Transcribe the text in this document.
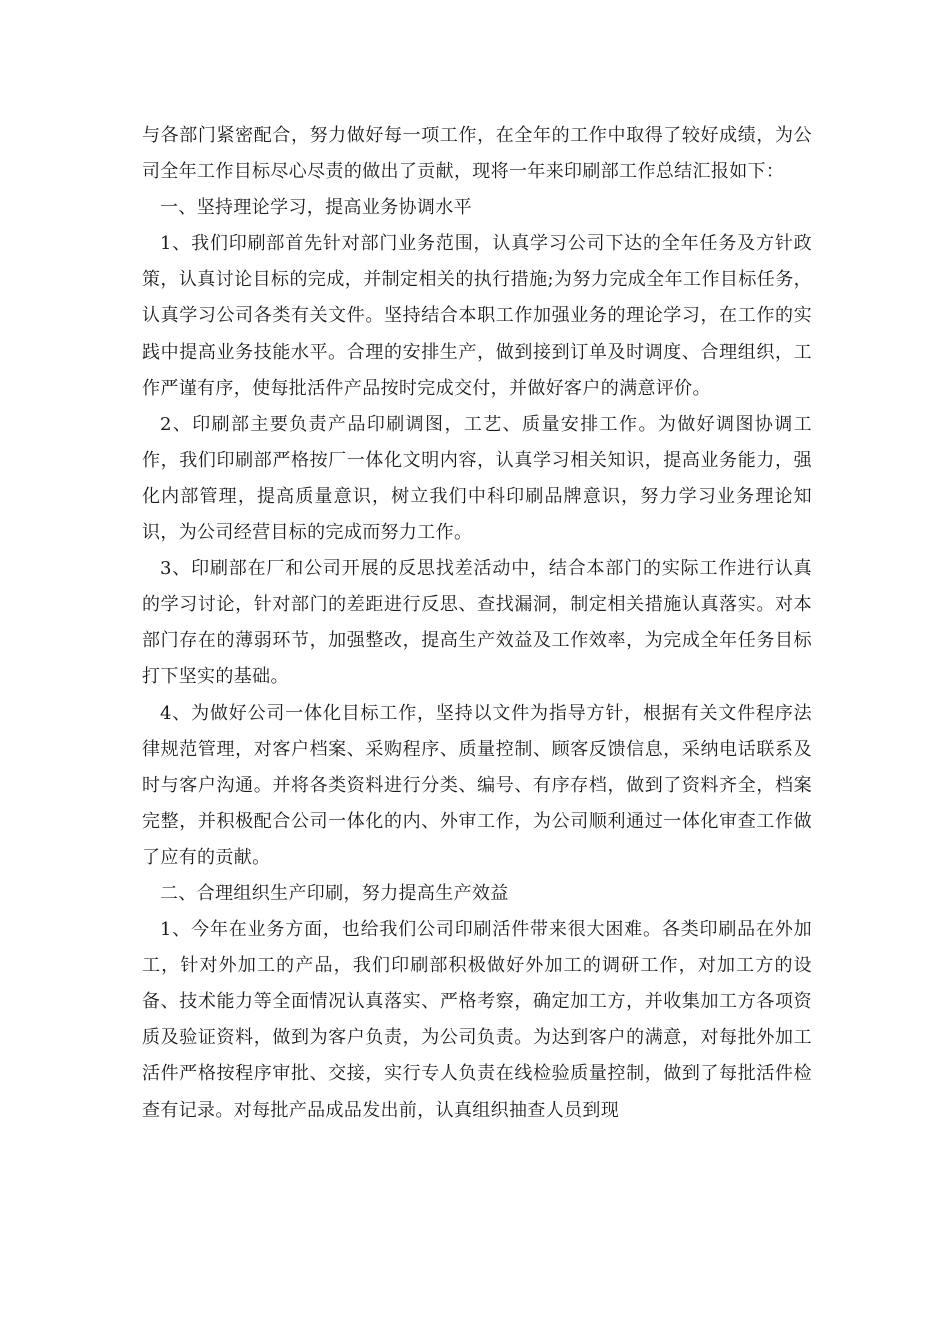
与各部门紧密配合，努力做好每一项工作，在全年的工作中取得了较好成绩，为公司全年工作目标尽心尽责的做出了贡献，现将一年来印刷部工作总结汇报如下：

一、坚持理论学习，提高业务协调水平

1、我们印刷部首先针对部门业务范围，认真学习公司下达的全年任务及方针政策，认真讨论目标的完成，并制定相关的执行措施;为努力完成全年工作目标任务，认真学习公司各类有关文件。坚持结合本职工作加强业务的理论学习，在工作的实践中提高业务技能水平。合理的安排生产，做到接到订单及时调度、合理组织，工作严谨有序，使每批活件产品按时完成交付，并做好客户的满意评价。

2、印刷部主要负责产品印刷调图，工艺、质量安排工作。为做好调图协调工作，我们印刷部严格按厂一体化文明内容，认真学习相关知识，提高业务能力，强化内部管理，提高质量意识，树立我们中科印刷品牌意识，努力学习业务理论知识，为公司经营目标的完成而努力工作。

3、印刷部在厂和公司开展的反思找差活动中，结合本部门的实际工作进行认真的学习讨论，针对部门的差距进行反思、查找漏洞，制定相关措施认真落实。对本部门存在的薄弱环节，加强整改，提高生产效益及工作效率，为完成全年任务目标打下坚实的基础。

4、为做好公司一体化目标工作，坚持以文件为指导方针，根据有关文件程序法律规范管理，对客户档案、采购程序、质量控制、顾客反馈信息，采纳电话联系及时与客户沟通。并将各类资料进行分类、编号、有序存档，做到了资料齐全，档案完整，并积极配合公司一体化的内、外审工作，为公司顺利通过一体化审查工作做了应有的贡献。

二、合理组织生产印刷，努力提高生产效益

1、今年在业务方面，也给我们公司印刷活件带来很大困难。各类印刷品在外加工，针对外加工的产品，我们印刷部积极做好外加工的调研工作，对加工方的设备、技术能力等全面情况认真落实、严格考察，确定加工方，并收集加工方各项资质及验证资料，做到为客户负责，为公司负责。为达到客户的满意，对每批外加工活件严格按程序审批、交接，实行专人负责在线检验质量控制，做到了每批活件检查有记录。对每批产品成品发出前，认真组织抽查人员到现
